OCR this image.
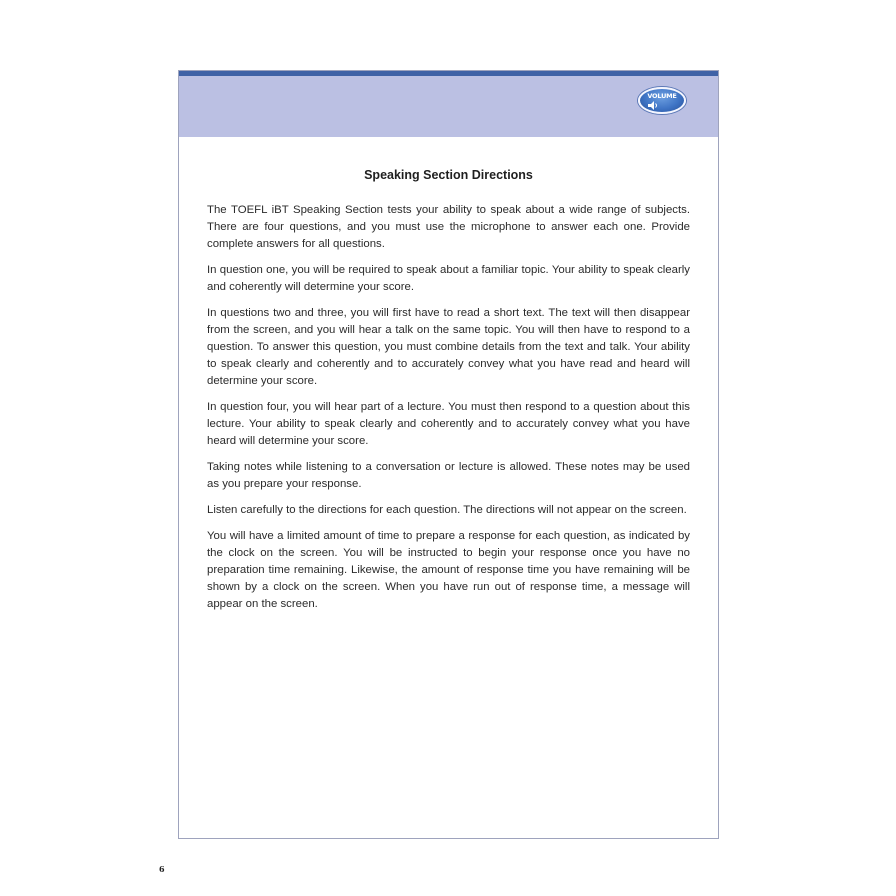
VOLUME
Speaking Section Directions

The TOEFL iBT Speaking Section tests your ability to speak about a wide range of subjects. There are four questions, and you must use the microphone to answer each one. Provide complete answers for all questions.

In question one, you will be required to speak about a familiar topic. Your ability to speak clearly and coherently will determine your score.

In questions two and three, you will first have to read a short text. The text will then disappear from the screen, and you will hear a talk on the same topic. You will then have to respond to a question. To answer this question, you must combine details from the text and talk. Your ability to speak clearly and coherently and to accurately convey what you have read and heard will determine your score.

In question four, you will hear part of a lecture. You must then respond to a question about this lecture. Your ability to speak clearly and coherently and to accurately convey what you have heard will determine your score.

Taking notes while listening to a conversation or lecture is allowed. These notes may be used as you prepare your response.

Listen carefully to the directions for each question. The directions will not appear on the screen.

You will have a limited amount of time to prepare a response for each question, as indicated by the clock on the screen. You will be instructed to begin your response once you have no preparation time remaining. Likewise, the amount of response time you have remaining will be shown by a clock on the screen. When you have run out of response time, a message will appear on the screen.

6
